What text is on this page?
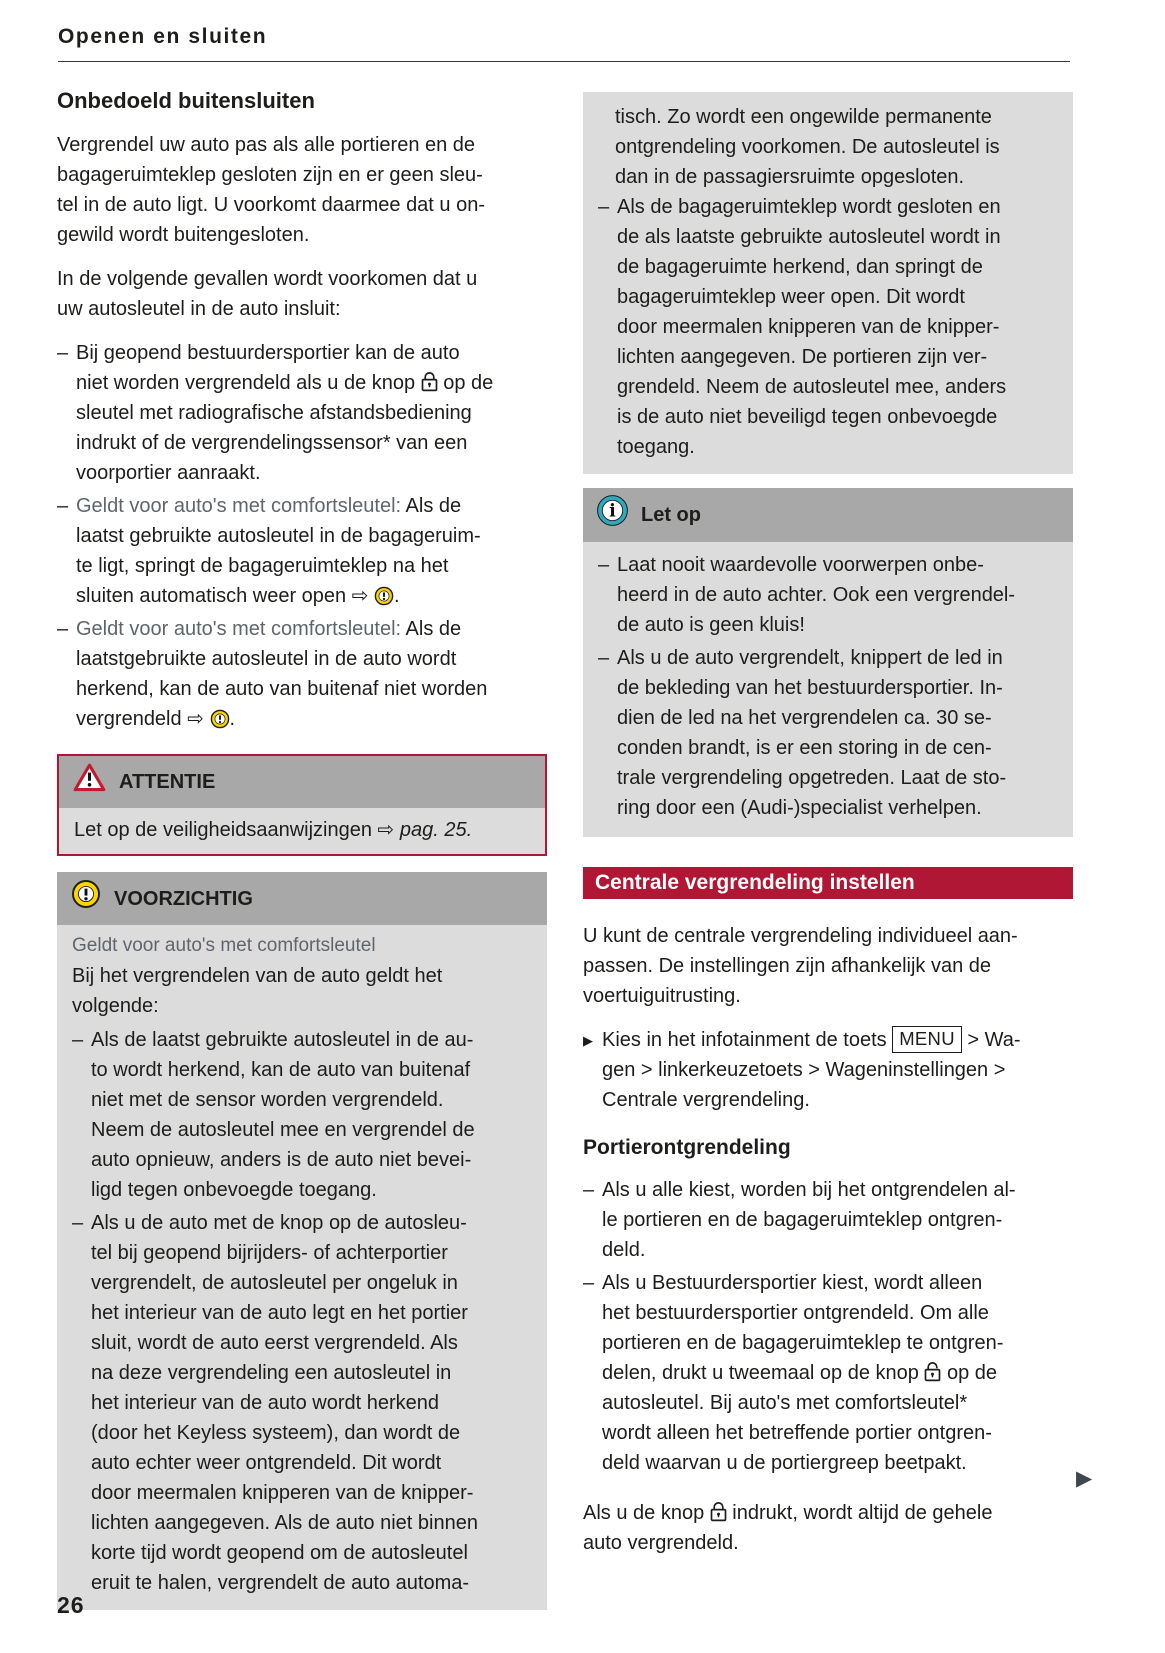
Openen en sluiten
Onbedoeld buitensluiten

Vergrendel uw auto pas als alle portieren en de
bagageruimteklep gesloten zijn en er geen sleu-
tel in de auto ligt. U voorkomt daarmee dat u on-
gewild wordt buitengesloten.

In de volgende gevallen wordt voorkomen dat u
uw autosleutel in de auto insluit:

– Bij geopend bestuurdersportier kan de auto
niet worden vergrendeld als u de knop  op de
sleutel met radiografische afstandsbediening
indrukt of de vergrendelingssensor* van een
voorportier aanraakt.
– Geldt voor auto's met comfortsleutel: Als de
laatst gebruikte autosleutel in de bagageruim-
te ligt, springt de bagageruimteklep na het
sluiten automatisch weer open ⇨ .
– Geldt voor auto's met comfortsleutel: Als de
laatstgebruikte autosleutel in de auto wordt
herkend, kan de auto van buitenaf niet worden
vergrendeld ⇨ .
ATTENTIE
Let op de veiligheidsaanwijzingen ⇨ pag. 25.
VOORZICHTIG
Geldt voor auto's met comfortsleutel

Bij het vergrendelen van de auto geldt het
volgende:

– Als de laatst gebruikte autosleutel in de au-
to wordt herkend, kan de auto van buitenaf
niet met de sensor worden vergrendeld.
Neem de autosleutel mee en vergrendel de
auto opnieuw, anders is de auto niet bevei-
ligd tegen onbevoegde toegang.
– Als u de auto met de knop op de autosleu-
tel bij geopend bijrijders- of achterportier
vergrendelt, de autosleutel per ongeluk in
het interieur van de auto legt en het portier
sluit, wordt de auto eerst vergrendeld. Als
na deze vergrendeling een autosleutel in
het interieur van de auto wordt herkend
(door het Keyless systeem), dan wordt de
auto echter weer ontgrendeld. Dit wordt
door meermalen knipperen van de knipper-
lichten aangegeven. Als de auto niet binnen
korte tijd wordt geopend om de autosleutel
eruit te halen, vergrendelt de auto automa-

tisch. Zo wordt een ongewilde permanente
ontgrendeling voorkomen. De autosleutel is
dan in de passagiersruimte opgesloten.

– Als de bagageruimteklep wordt gesloten en
de als laatste gebruikte autosleutel wordt in
de bagageruimte herkend, dan springt de
bagageruimteklep weer open. Dit wordt
door meermalen knipperen van de knipper-
lichten aangegeven. De portieren zijn ver-
grendeld. Neem de autosleutel mee, anders
is de auto niet beveiligd tegen onbevoegde
toegang.
i Let op
– Laat nooit waardevolle voorwerpen onbe-
heerd in de auto achter. Ook een vergrendel-
de auto is geen kluis!
– Als u de auto vergrendelt, knippert de led in
de bekleding van het bestuurdersportier. In-
dien de led na het vergrendelen ca. 30 se-
conden brandt, is er een storing in de cen-
trale vergrendeling opgetreden. Laat de sto-
ring door een (Audi-)specialist verhelpen.
Centrale vergrendeling instellen

U kunt de centrale vergrendeling individueel aan-
passen. De instellingen zijn afhankelijk van de
voertuiguitrusting.

▶ Kies in het infotainment de toets MENU > Wa-
gen > linkerkeuzetoets > Wageninstellingen >
Centrale vergrendeling.
Portierontgrendeling
– Als u alle kiest, worden bij het ontgrendelen al-
le portieren en de bagageruimteklep ontgren-
deld.
– Als u Bestuurdersportier kiest, wordt alleen
het bestuurdersportier ontgrendeld. Om alle
portieren en de bagageruimteklep te ontgren-
delen, drukt u tweemaal op de knop  op de
autosleutel. Bij auto's met comfortsleutel*
wordt alleen het betreffende portier ontgren-
deld waarvan u de portiergreep beetpakt.

Als u de knop  indrukt, wordt altijd de gehele
auto vergrendeld.

26
▶
